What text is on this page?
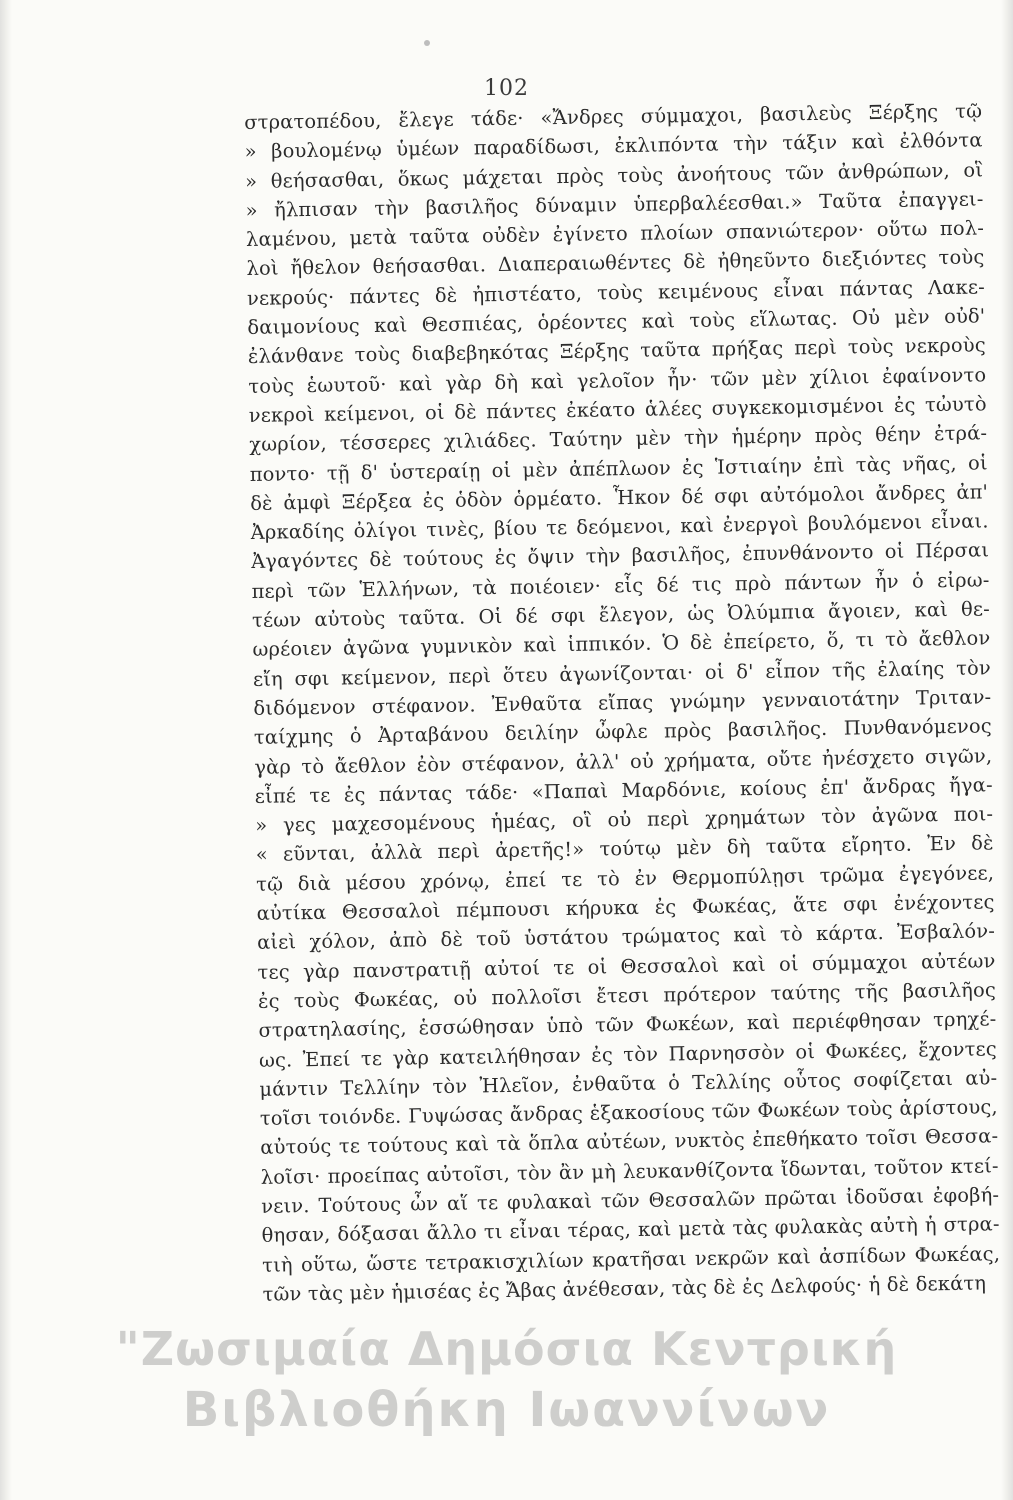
102
στρατοπέδου, ἔλεγε τάδε· «Ἄνδρες σύμμαχοι, βασιλεὺς Ξέρξης τῷ
» βουλομένῳ ὑμέων παραδίδωσι, ἐκλιπόντα τὴν τάξιν καὶ ἐλθόντα
» θεήσασθαι, ὅκως μάχεται πρὸς τοὺς ἀνοήτους τῶν ἀνθρώπων, οἳ
» ἤλπισαν τὴν βασιλῆος δύναμιν ὑπερβαλέεσθαι.» Ταῦτα ἐπαγγει-
λαμένου, μετὰ ταῦτα οὐδὲν ἐγίνετο πλοίων σπανιώτερον· οὕτω πολ-
λοὶ ἤθελον θεήσασθαι. Διαπεραιωθέντες δὲ ἠθηεῦντο διεξιόντες τοὺς
νεκρούς· πάντες δὲ ἠπιστέατο, τοὺς κειμένους εἶναι πάντας Λακε-
δαιμονίους καὶ Θεσπιέας, ὁρέοντες καὶ τοὺς εἵλωτας. Οὐ μὲν οὐδ'
ἐλάνθανε τοὺς διαβεβηκότας Ξέρξης ταῦτα πρήξας περὶ τοὺς νεκροὺς
τοὺς ἑωυτοῦ· καὶ γὰρ δὴ καὶ γελοῖον ἦν· τῶν μὲν χίλιοι ἐφαίνοντο
νεκροὶ κείμενοι, οἱ δὲ πάντες ἐκέατο ἁλέες συγκεκομισμένοι ἐς τὠυτὸ
χωρίον, τέσσερες χιλιάδες. Ταύτην μὲν τὴν ἡμέρην πρὸς θέην ἐτρά-
ποντο· τῇ δ' ὑστεραίῃ οἱ μὲν ἀπέπλωον ἐς Ἱστιαίην ἐπὶ τὰς νῆας, οἱ
δὲ ἀμφὶ Ξέρξεα ἐς ὁδὸν ὁρμέατο. Ἧκον δέ σφι αὐτόμολοι ἄνδρες ἀπ'
Ἀρκαδίης ὀλίγοι τινὲς, βίου τε δεόμενοι, καὶ ἐνεργοὶ βουλόμενοι εἶναι.
Ἀγαγόντες δὲ τούτους ἐς ὄψιν τὴν βασιλῆος, ἐπυνθάνοντο οἱ Πέρσαι
περὶ τῶν Ἑλλήνων, τὰ ποιέοιεν· εἷς δέ τις πρὸ πάντων ἦν ὁ εἰρω-
τέων αὐτοὺς ταῦτα. Οἱ δέ σφι ἔλεγον, ὡς Ὀλύμπια ἄγοιεν, καὶ θε-
ωρέοιεν ἀγῶνα γυμνικὸν καὶ ἱππικόν. Ὁ δὲ ἐπείρετο, ὅ, τι τὸ ἄεθλον
εἴη σφι κείμενον, περὶ ὅτευ ἀγωνίζονται· οἱ δ' εἶπον τῆς ἐλαίης τὸν
διδόμενον στέφανον. Ἐνθαῦτα εἴπας γνώμην γενναιοτάτην Τριταν-
ταίχμης ὁ Ἀρταβάνου δειλίην ὦφλε πρὸς βασιλῆος. Πυνθανόμενος
γὰρ τὸ ἄεθλον ἐὸν στέφανον, ἀλλ' οὐ χρήματα, οὔτε ἠνέσχετο σιγῶν,
εἶπέ τε ἐς πάντας τάδε· «Παπαὶ Μαρδόνιε, κοίους ἐπ' ἄνδρας ἤγα-
» γες μαχεσομένους ἡμέας, οἳ οὐ περὶ χρημάτων τὸν ἀγῶνα ποι-
« εῦνται, ἀλλὰ περὶ ἀρετῆς!» τούτῳ μὲν δὴ ταῦτα εἴρητο. Ἐν δὲ
τῷ διὰ μέσου χρόνῳ, ἐπεί τε τὸ ἐν Θερμοπύλῃσι τρῶμα ἐγεγόνεε,
αὐτίκα Θεσσαλοὶ πέμπουσι κήρυκα ἐς Φωκέας, ἅτε σφι ἐνέχοντες
αἰεὶ χόλον, ἀπὸ δὲ τοῦ ὑστάτου τρώματος καὶ τὸ κάρτα. Ἐσβαλόν-
τες γὰρ πανστρατιῇ αὐτοί τε οἱ Θεσσαλοὶ καὶ οἱ σύμμαχοι αὐτέων
ἐς τοὺς Φωκέας, οὐ πολλοῖσι ἔτεσι πρότερον ταύτης τῆς βασιλῆος
στρατηλασίης, ἑσσώθησαν ὑπὸ τῶν Φωκέων, καὶ περιέφθησαν τρηχέ-
ως. Ἐπεί τε γὰρ κατειλήθησαν ἐς τὸν Παρνησσὸν οἱ Φωκέες, ἔχοντες
μάντιν Τελλίην τὸν Ἠλεῖον, ἐνθαῦτα ὁ Τελλίης οὗτος σοφίζεται αὐ-
τοῖσι τοιόνδε. Γυψώσας ἄνδρας ἑξακοσίους τῶν Φωκέων τοὺς ἀρίστους,
αὐτούς τε τούτους καὶ τὰ ὅπλα αὐτέων, νυκτὸς ἐπεθήκατο τοῖσι Θεσσα-
λοῖσι· προείπας αὐτοῖσι, τὸν ἂν μὴ λευκανθίζοντα ἴδωνται, τοῦτον κτεί-
νειν. Τούτους ὦν αἵ τε φυλακαὶ τῶν Θεσσαλῶν πρῶται ἰδοῦσαι ἐφοβή-
θησαν, δόξασαι ἄλλο τι εἶναι τέρας, καὶ μετὰ τὰς φυλακὰς αὐτὴ ἡ στρα-
τιὴ οὕτω, ὥστε τετρακισχιλίων κρατῆσαι νεκρῶν καὶ ἀσπίδων Φωκέας,
τῶν τὰς μὲν ἡμισέας ἐς Ἄβας ἀνέθεσαν, τὰς δὲ ἐς Δελφούς· ἡ δὲ δεκάτη
"Ζωσιμαία Δημόσια Κεντρική
Βιβλιοθήκη Ιωαννίνων
